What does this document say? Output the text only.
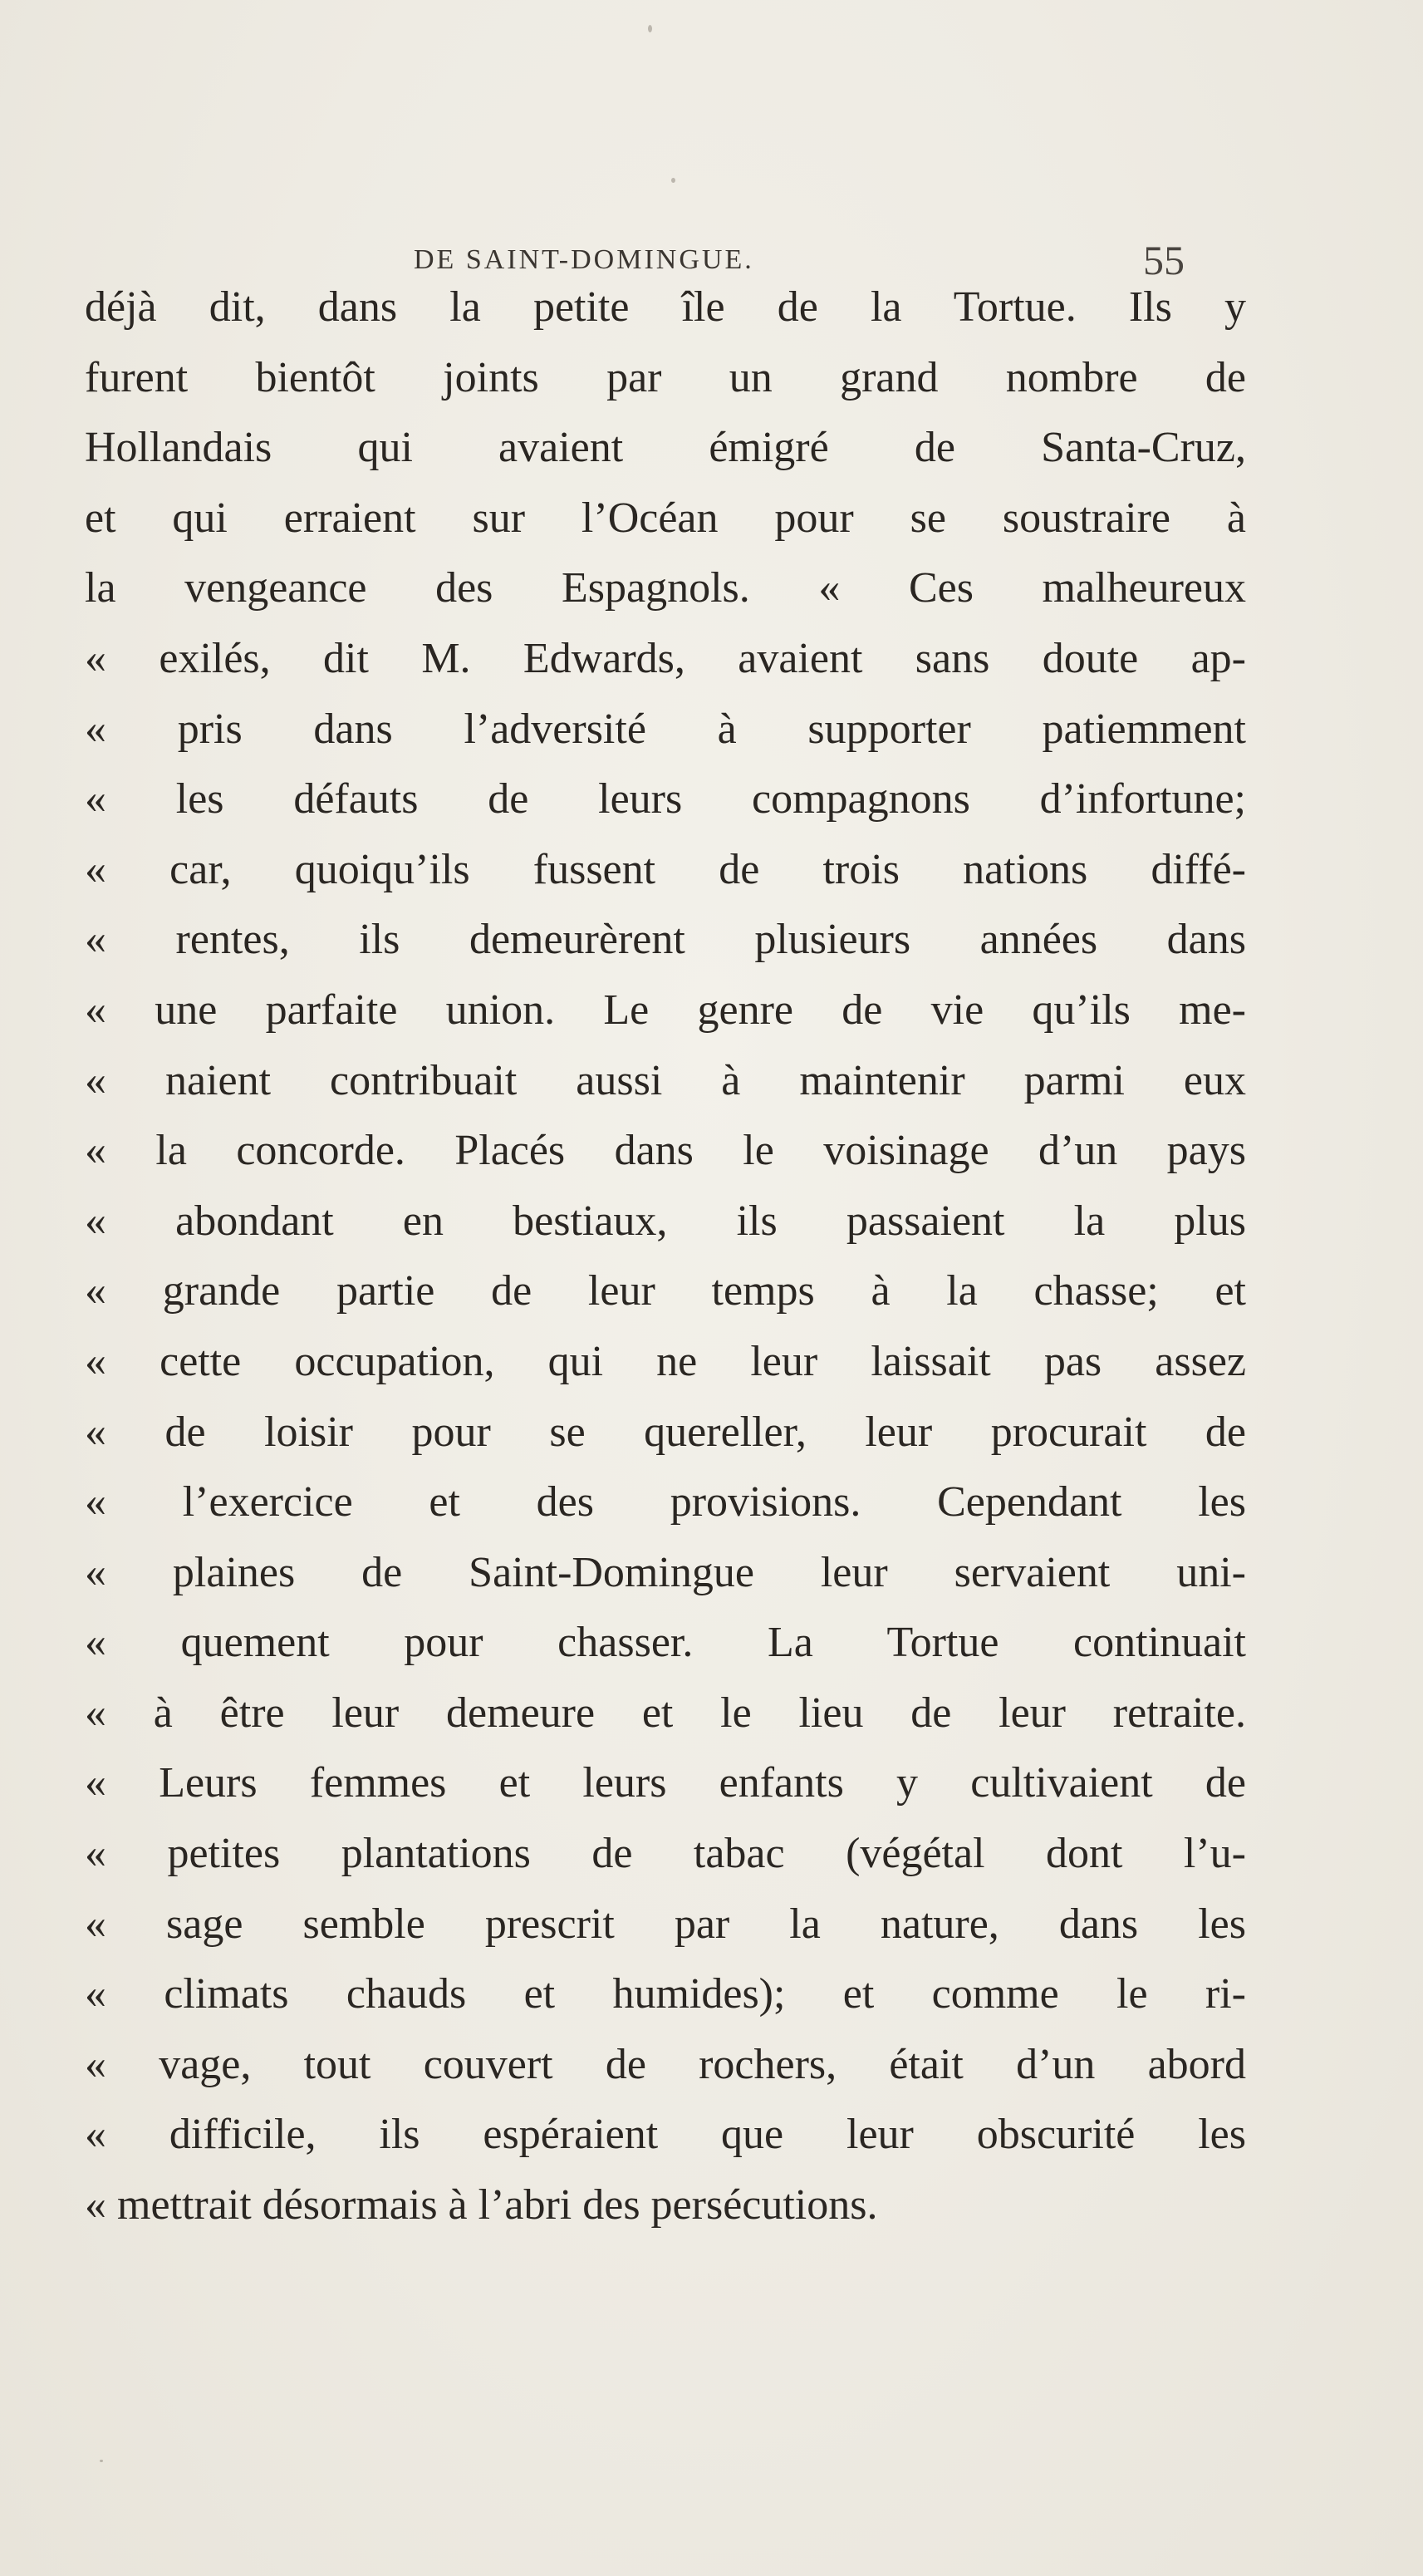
DE SAINT-DOMINGUE.	55
déjà dit, dans la petite île de la Tortue. Ils y
furent bientôt joints par un grand nombre de
Hollandais qui avaient émigré de Santa-Cruz,
et qui erraient sur l’Océan pour se soustraire à
la vengeance des Espagnols. « Ces malheureux
« exilés, dit M. Edwards, avaient sans doute ap-
« pris dans l’adversité à supporter patiemment
« les défauts de leurs compagnons d’infortune;
« car, quoiqu’ils fussent de trois nations diffé-
« rentes, ils demeurèrent plusieurs années dans
« une parfaite union. Le genre de vie qu’ils me-
« naient contribuait aussi à maintenir parmi eux
« la concorde. Placés dans le voisinage d’un pays
« abondant en bestiaux, ils passaient la plus
« grande partie de leur temps à la chasse; et
« cette occupation, qui ne leur laissait pas assez
« de loisir pour se quereller, leur procurait de
« l’exercice et des provisions. Cependant les
« plaines de Saint-Domingue leur servaient uni-
« quement pour chasser. La Tortue continuait
« à être leur demeure et le lieu de leur retraite.
« Leurs femmes et leurs enfants y cultivaient de
« petites plantations de tabac (végétal dont l’u-
« sage semble prescrit par la nature, dans les
« climats chauds et humides); et comme le ri-
« vage, tout couvert de rochers, était d’un abord
« difficile, ils espéraient que leur obscurité les
« mettrait désormais à l’abri des persécutions.
